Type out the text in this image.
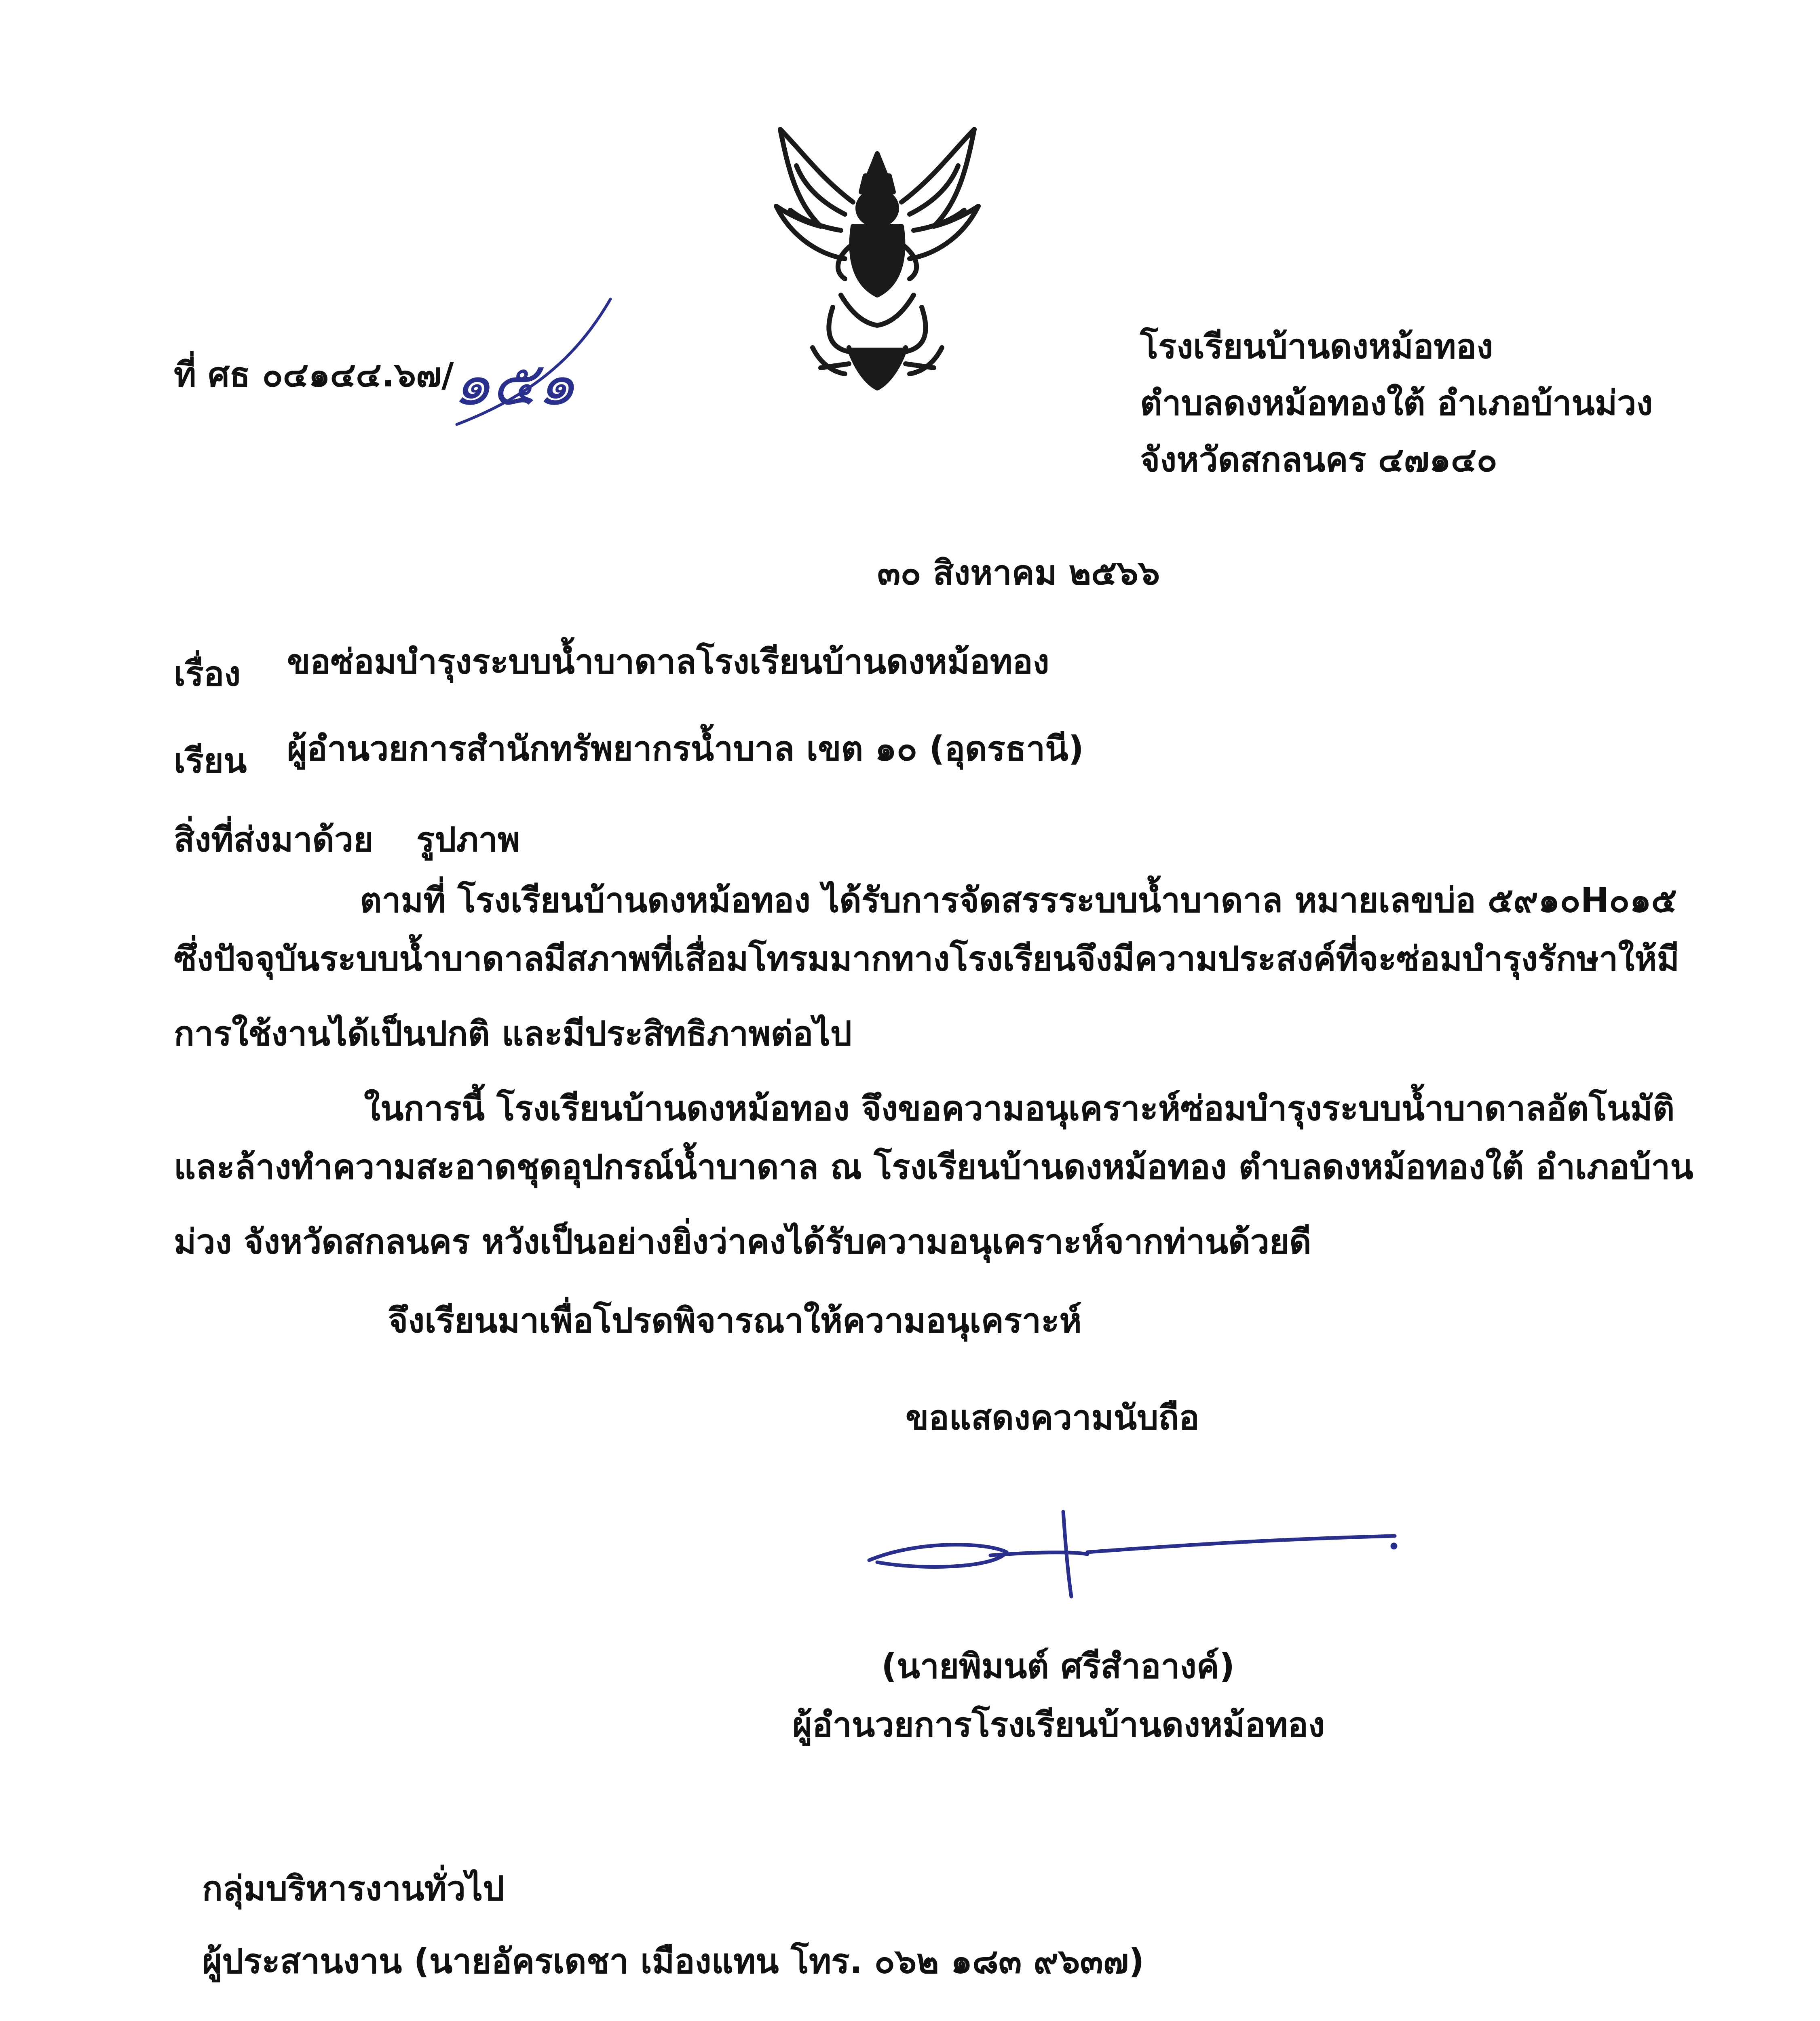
ที่ ศธ ๐๔๑๔๔.๖๗/
๑๕๑
โรงเรียนบ้านดงหม้อทอง
ตำบลดงหม้อทองใต้ อำเภอบ้านม่วง
จังหวัดสกลนคร ๔๗๑๔๐
๓๐ สิงหาคม ๒๕๖๖
เรื่อง ขอซ่อมบำรุงระบบน้ำบาดาลโรงเรียนบ้านดงหม้อทอง
เรียน ผู้อำนวยการสำนักทรัพยากรน้ำบาล เขต ๑๐ (อุดรธานี)
สิ่งที่ส่งมาด้วย รูปภาพ
ตามที่ โรงเรียนบ้านดงหม้อทอง ได้รับการจัดสรรระบบน้ำบาดาล หมายเลขบ่อ ๕๙๑๐H๐๑๕
ซึ่งปัจจุบันระบบน้ำบาดาลมีสภาพที่เสื่อมโทรมมากทางโรงเรียนจึงมีความประสงค์ที่จะซ่อมบำรุงรักษาให้มี
การใช้งานได้เป็นปกติ และมีประสิทธิภาพต่อไป
ในการนี้ โรงเรียนบ้านดงหม้อทอง จึงขอความอนุเคราะห์ซ่อมบำรุงระบบน้ำบาดาลอัตโนมัติ
และล้างทำความสะอาดชุดอุปกรณ์น้ำบาดาล ณ โรงเรียนบ้านดงหม้อทอง ตำบลดงหม้อทองใต้ อำเภอบ้าน
ม่วง จังหวัดสกลนคร หวังเป็นอย่างยิ่งว่าคงได้รับความอนุเคราะห์จากท่านด้วยดี
จึงเรียนมาเพื่อโปรดพิจารณาให้ความอนุเคราะห์
ขอแสดงความนับถือ
(นายพิมนต์ ศรีสำอางค์)
ผู้อำนวยการโรงเรียนบ้านดงหม้อทอง
กลุ่มบริหารงานทั่วไป
ผู้ประสานงาน (นายอัครเดชา เมืองแทน โทร. ๐๖๒ ๑๘๓ ๙๖๓๗)
